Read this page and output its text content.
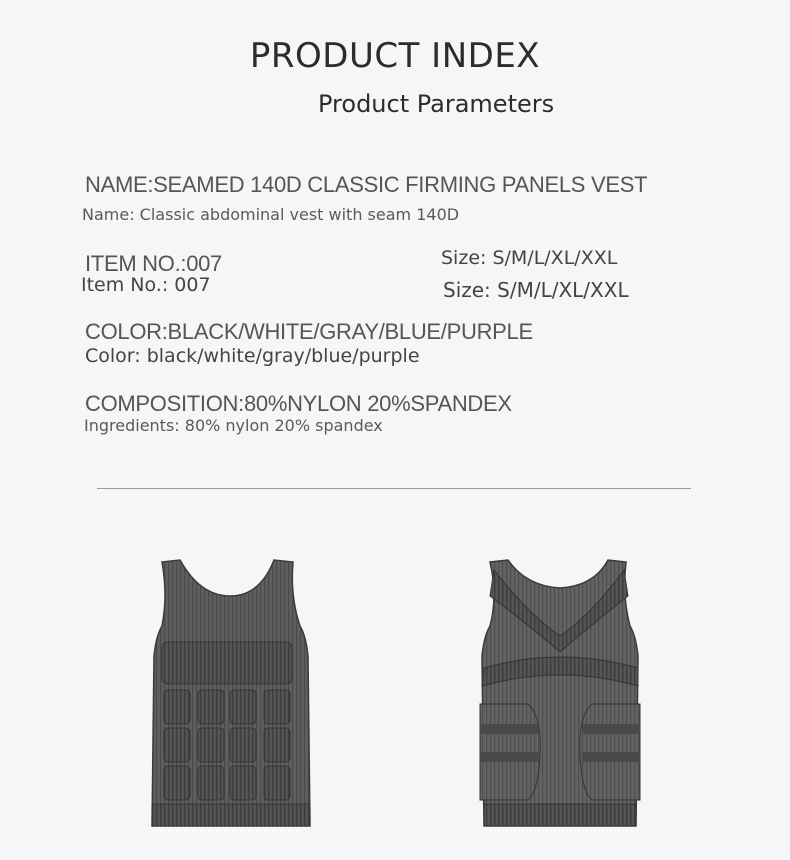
PRODUCT INDEX
Product Parameters
NAME:SEAMED 140D CLASSIC FIRMING PANELS VEST
Name: Classic abdominal vest with seam 140D
ITEM NO.:007
Item No.: 007
Size: S/M/L/XL/XXL
Size: S/M/L/XL/XXL
COLOR:BLACK/WHITE/GRAY/BLUE/PURPLE
Color: black/white/gray/blue/purple
COMPOSITION:80%NYLON 20%SPANDEX
Ingredients: 80% nylon 20% spandex
